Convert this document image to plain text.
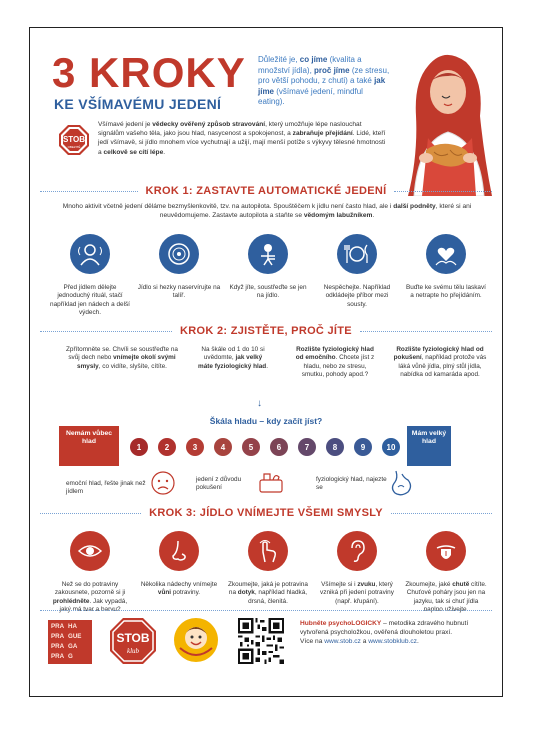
3 KROKY
KE VŠÍMAVÉMU JEDENÍ
Důležité je, co jíme (kvalita a množství jídla), proč jíme (ze stresu, pro větší pohodu, z chuti) a také jak jíme (všímavé jedení, mindful eating).
STOB
OBEZITĚ
Všímavé jedení je vědecky ověřený způsob stravování, který umožňuje lépe naslouchat signálům vašeho těla, jako jsou hlad, nasycenost a spokojenost, a zabraňuje přejídání. Lidé, kteří jedí všímavě, si jídlo mnohem více vychutnají a užijí, mají menší potíže s výkyvy tělesné hmotnosti a celkově se cítí lépe.
KROK 1: ZASTAVTE AUTOMATICKÉ JEDENÍ
Mnoho aktivit včetně jedení děláme bezmyšlenkovitě, tzv. na autopilota. Spouštěčem k jídlu není často hlad, ale i další podněty, které si ani neuvědomujeme. Zastavte autopilota a staňte se vědomým labužníkem.
Před jídlem dělejte jednoduchý rituál, stačí například jen nádech a delší výdech.
Jídlo si hezky naservírujte na talíř.
Když jíte, soustřeďte se jen na jídlo.
Nespěchejte. Například odkládejte příbor mezi sousty.
Buďte ke svému tělu laskaví a netrapte ho přejídáním.
KROK 2: ZJISTĚTE, PROČ JÍTE
Zpřítomněte se. Chvíli se soustřeďte na svůj dech nebo vnímejte okolí svými smysly, co vidíte, slyšíte, cítíte.
Na škále od 1 do 10 si uvědomte, jak velký máte fyziologický hlad.
Rozlište fyziologický hlad od emočního. Chcete jíst z hladu, nebo ze stresu, smutku, pohody apod.?
Rozlište fyziologický hlad od pokušení, například protože vás láká vůně jídla, plný stůl jídla, nabídka od kamaráda apod.
↓
Škála hladu – kdy začít jíst?
Nemám vůbec hlad
Mám velký hlad
1	2	3	4	5	6	7	8	9	10
emoční hlad, řešte jinak než jídlem
jedení z důvodu pokušení
fyziologický hlad, najezte se
KROK 3: JÍDLO VNÍMEJTE VŠEMI SMYSLY
Než se do potraviny zakousnete, pozorně si ji prohlédněte. Jak vypadá, jaký má tvar a barvu?
Několika nádechy vnímejte vůni potraviny.
Zkoumejte, jaká je potravina na dotyk, například hladká, drsná, členitá.
Všímejte si i zvuku, který vzniká při jedení potraviny (např. křupání).
Zkoumejte, jaké chutě cítíte. Chuťové poháry jsou jen na jazyku, tak si chuť jídla naplno užívejte.
PRA HA
PRA GUE
PRA GA
PRA G
STOB
klub
Hubněte psychoLOGICKY – metodika zdravého hubnutí vytvořená psycholožkou, ověřená dlouholetou praxí.
Více na www.stob.cz a www.stobklub.cz.
